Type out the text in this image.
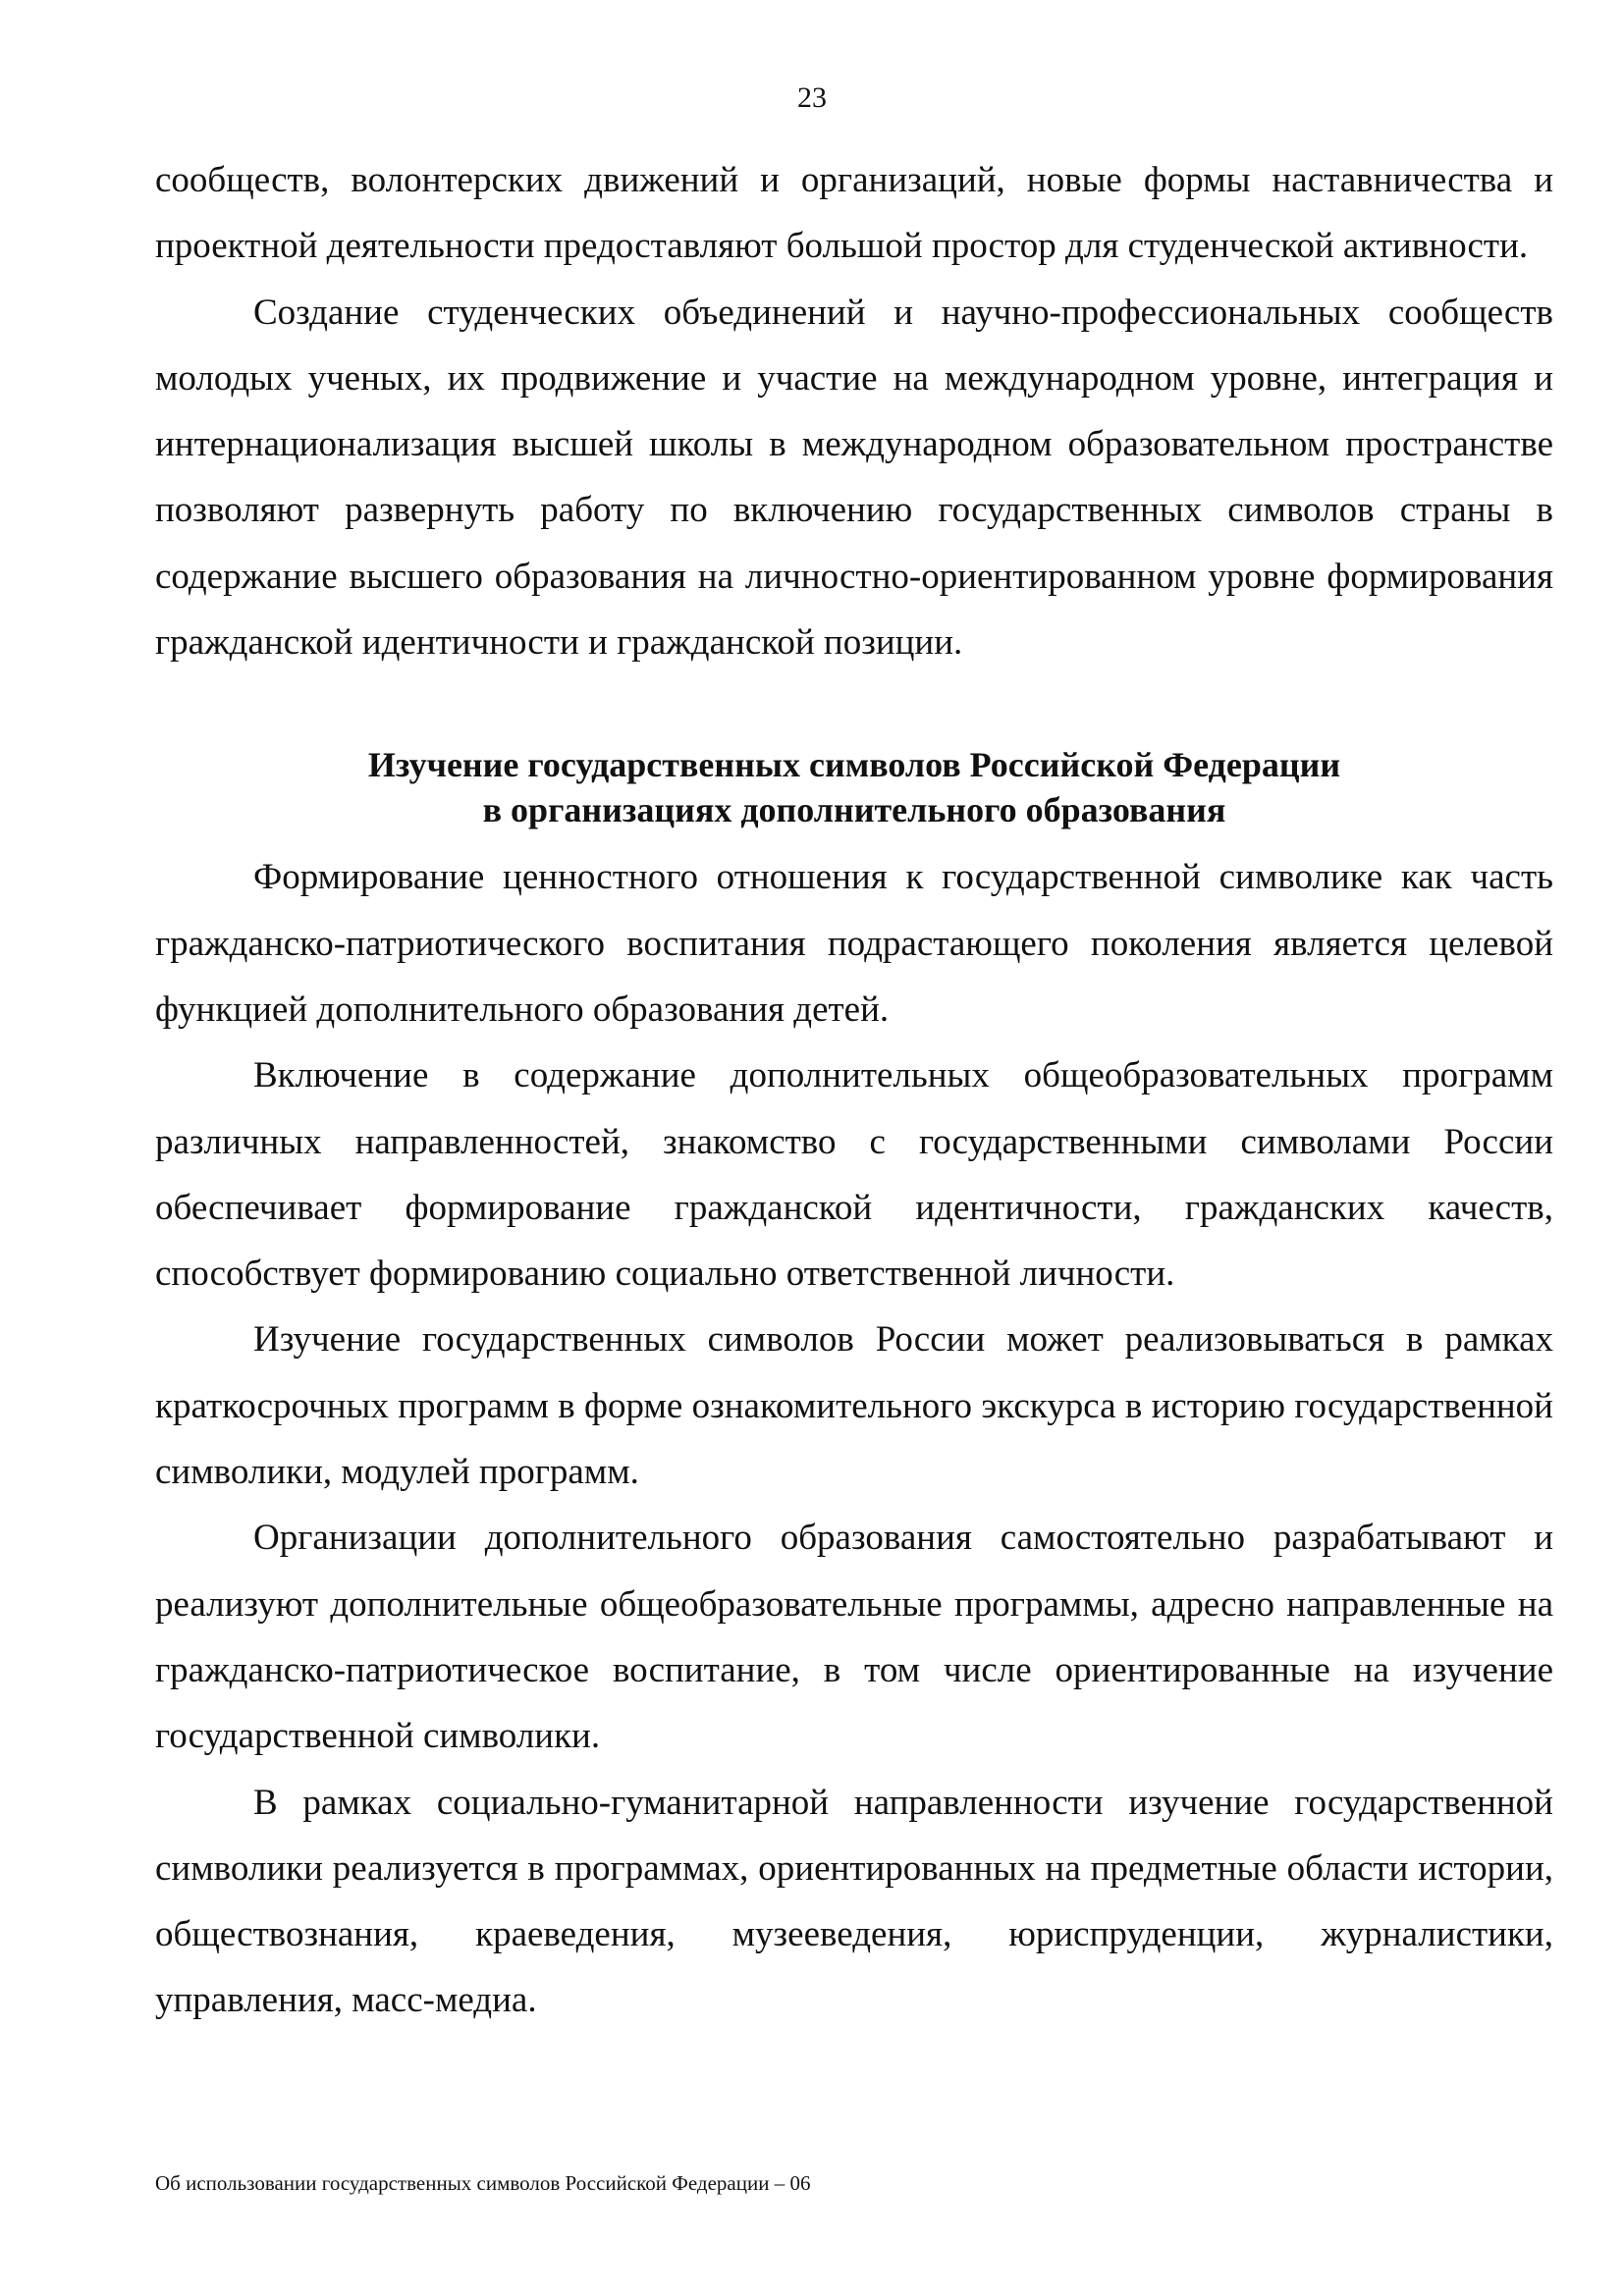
23

сообществ, волонтерских движений и организаций, новые формы наставничества и проектной деятельности предоставляют большой простор для студенческой активности.

Создание студенческих объединений и научно-профессиональных сообществ молодых ученых, их продвижение и участие на международном уровне, интеграция и интернационализация высшей школы в международном образовательном пространстве позволяют развернуть работу по включению государственных символов страны в содержание высшего образования на личностно-ориентированном уровне формирования гражданской идентичности и гражданской позиции.

Изучение государственных символов Российской Федерации
в организациях дополнительного образования

Формирование ценностного отношения к государственной символике как часть гражданско-патриотического воспитания подрастающего поколения является целевой функцией дополнительного образования детей.

Включение в содержание дополнительных общеобразовательных программ различных направленностей, знакомство с государственными символами России обеспечивает формирование гражданской идентичности, гражданских качеств, способствует формированию социально ответственной личности.

Изучение государственных символов России может реализовываться в рамках краткосрочных программ в форме ознакомительного экскурса в историю государственной символики, модулей программ.

Организации дополнительного образования самостоятельно разрабатывают и реализуют дополнительные общеобразовательные программы, адресно направленные на гражданско-патриотическое воспитание, в том числе ориентированные на изучение государственной символики.

В рамках социально-гуманитарной направленности изучение государственной символики реализуется в программах, ориентированных на предметные области истории, обществознания, краеведения, музееведения, юриспруденции, журналистики, управления, масс-медиа.

Об использовании государственных символов Российской Федерации – 06
